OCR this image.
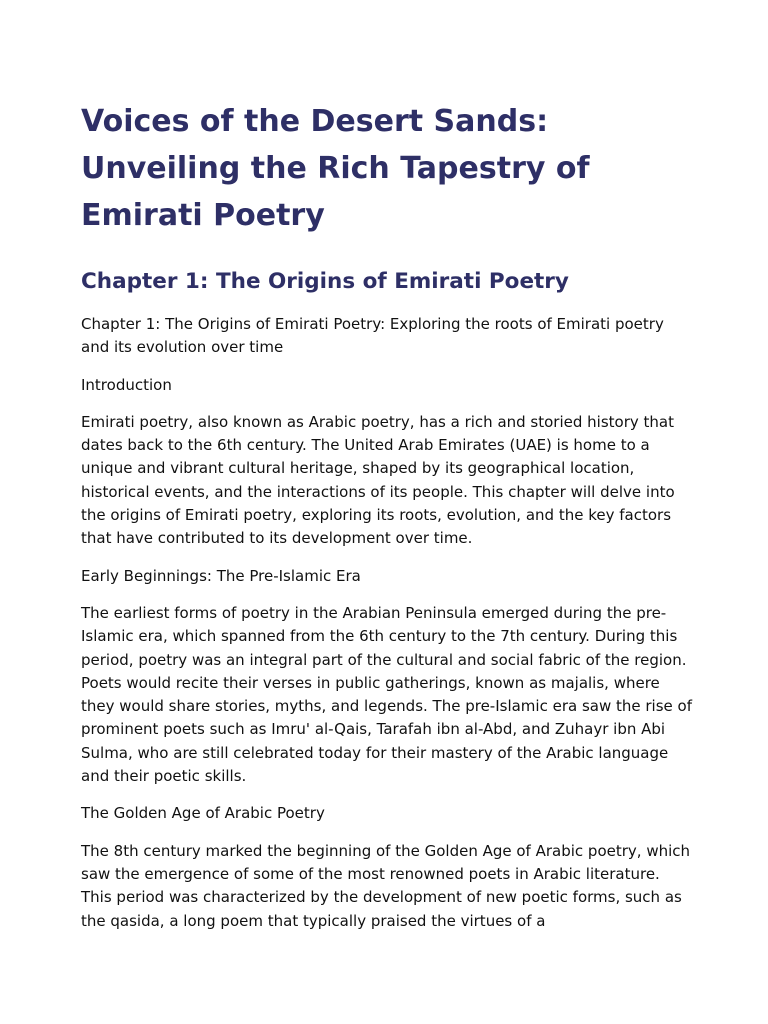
Voices of the Desert Sands: Unveiling the Rich Tapestry of Emirati Poetry
Chapter 1: The Origins of Emirati Poetry

Chapter 1: The Origins of Emirati Poetry: Exploring the roots of Emirati poetry and its evolution over time

Introduction

Emirati poetry, also known as Arabic poetry, has a rich and storied history that dates back to the 6th century. The United Arab Emirates (UAE) is home to a unique and vibrant cultural heritage, shaped by its geographical location, historical events, and the interactions of its people. This chapter will delve into the origins of Emirati poetry, exploring its roots, evolution, and the key factors that have contributed to its development over time.

Early Beginnings: The Pre-Islamic Era

The earliest forms of poetry in the Arabian Peninsula emerged during the pre-Islamic era, which spanned from the 6th century to the 7th century. During this period, poetry was an integral part of the cultural and social fabric of the region. Poets would recite their verses in public gatherings, known as majalis, where they would share stories, myths, and legends. The pre-Islamic era saw the rise of prominent poets such as Imru' al-Qais, Tarafah ibn al-Abd, and Zuhayr ibn Abi Sulma, who are still celebrated today for their mastery of the Arabic language and their poetic skills.

The Golden Age of Arabic Poetry

The 8th century marked the beginning of the Golden Age of Arabic poetry, which saw the emergence of some of the most renowned poets in Arabic literature. This period was characterized by the development of new poetic forms, such as the qasida, a long poem that typically praised the virtues of a
